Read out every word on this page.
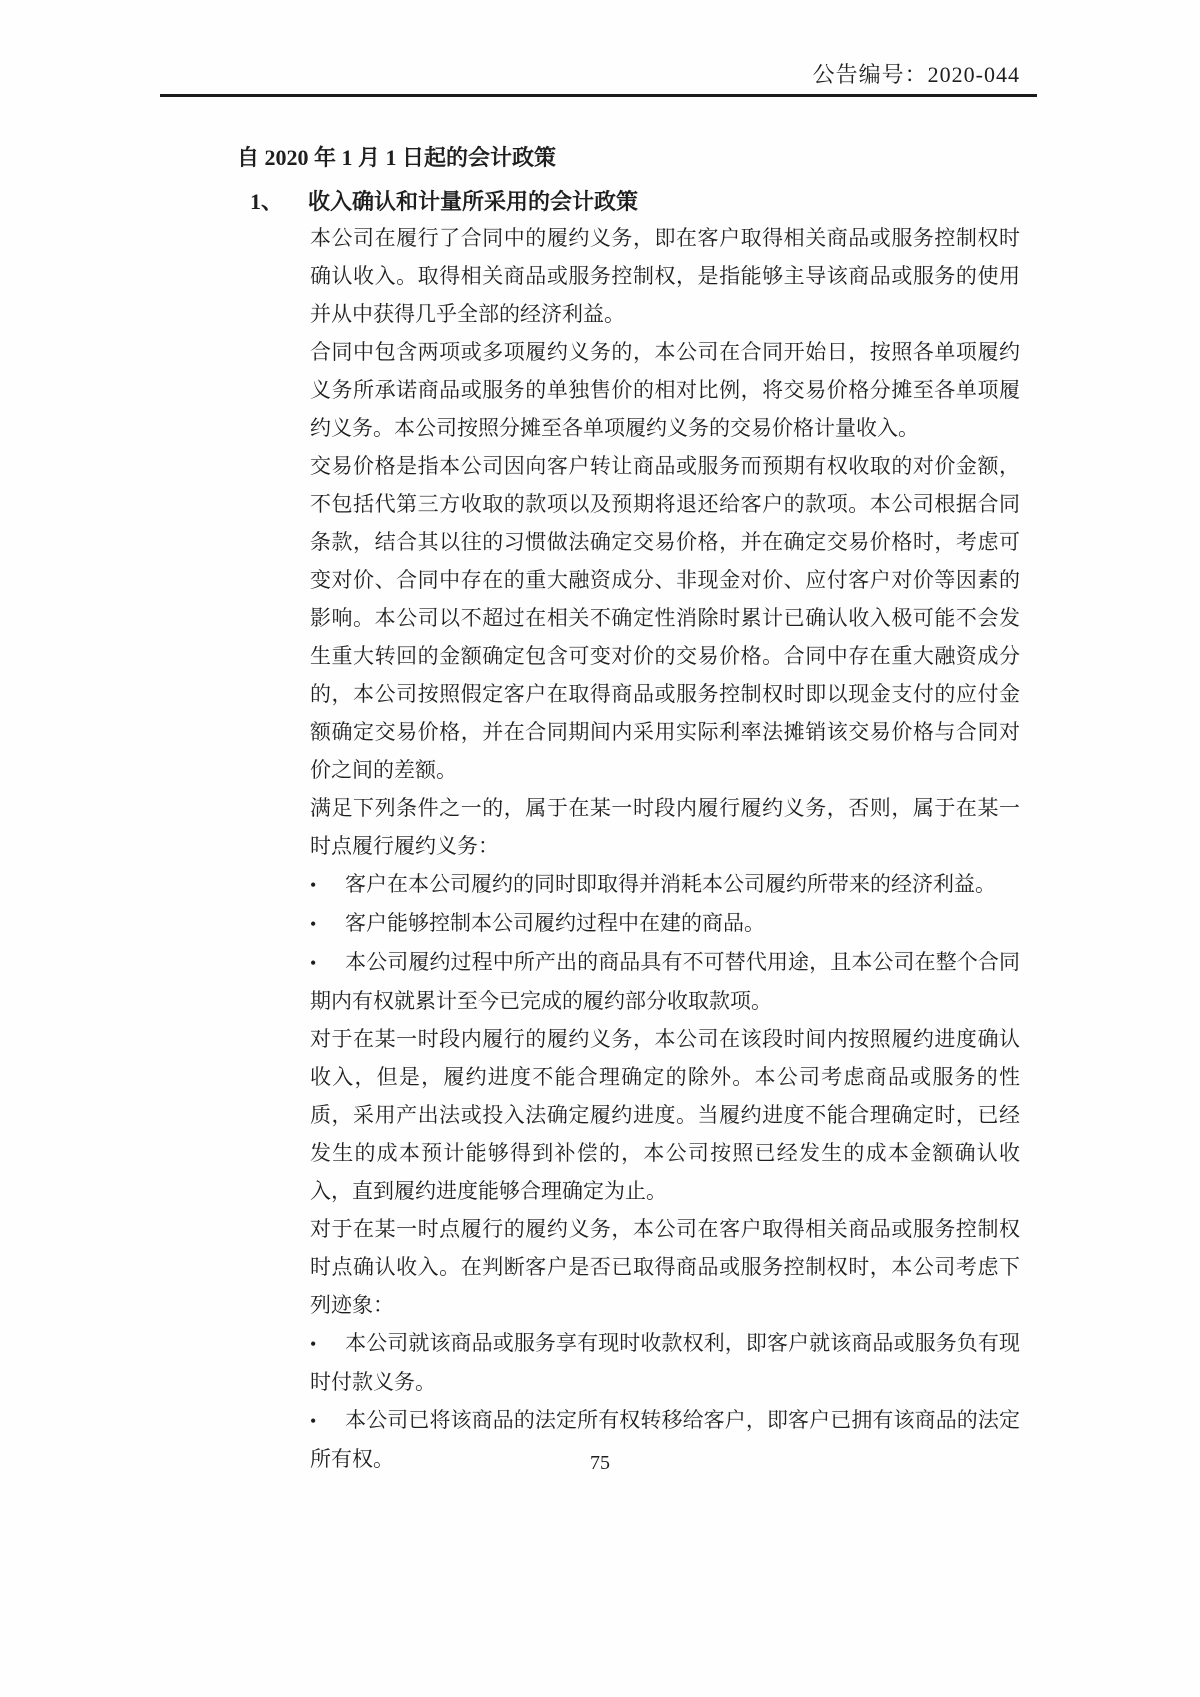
公告编号：2020-044
自 2020 年 1 月 1 日起的会计政策
1、 收入确认和计量所采用的会计政策

本公司在履行了合同中的履约义务，即在客户取得相关商品或服务控制权时确认收入。取得相关商品或服务控制权，是指能够主导该商品或服务的使用并从中获得几乎全部的经济利益。

合同中包含两项或多项履约义务的，本公司在合同开始日，按照各单项履约义务所承诺商品或服务的单独售价的相对比例，将交易价格分摊至各单项履约义务。本公司按照分摊至各单项履约义务的交易价格计量收入。

交易价格是指本公司因向客户转让商品或服务而预期有权收取的对价金额，不包括代第三方收取的款项以及预期将退还给客户的款项。本公司根据合同条款，结合其以往的习惯做法确定交易价格，并在确定交易价格时，考虑可变对价、合同中存在的重大融资成分、非现金对价、应付客户对价等因素的影响。本公司以不超过在相关不确定性消除时累计已确认收入极可能不会发生重大转回的金额确定包含可变对价的交易价格。合同中存在重大融资成分的，本公司按照假定客户在取得商品或服务控制权时即以现金支付的应付金额确定交易价格，并在合同期间内采用实际利率法摊销该交易价格与合同对价之间的差额。

满足下列条件之一的，属于在某一时段内履行履约义务，否则，属于在某一时点履行履约义务：

• 客户在本公司履约的同时即取得并消耗本公司履约所带来的经济利益。

• 客户能够控制本公司履约过程中在建的商品。

• 本公司履约过程中所产出的商品具有不可替代用途，且本公司在整个合同期内有权就累计至今已完成的履约部分收取款项。

对于在某一时段内履行的履约义务，本公司在该段时间内按照履约进度确认收入，但是，履约进度不能合理确定的除外。本公司考虑商品或服务的性质，采用产出法或投入法确定履约进度。当履约进度不能合理确定时，已经发生的成本预计能够得到补偿的，本公司按照已经发生的成本金额确认收入，直到履约进度能够合理确定为止。

对于在某一时点履行的履约义务，本公司在客户取得相关商品或服务控制权时点确认收入。在判断客户是否已取得商品或服务控制权时，本公司考虑下列迹象：

• 本公司就该商品或服务享有现时收款权利，即客户就该商品或服务负有现时付款义务。

• 本公司已将该商品的法定所有权转移给客户，即客户已拥有该商品的法定所有权。	75
